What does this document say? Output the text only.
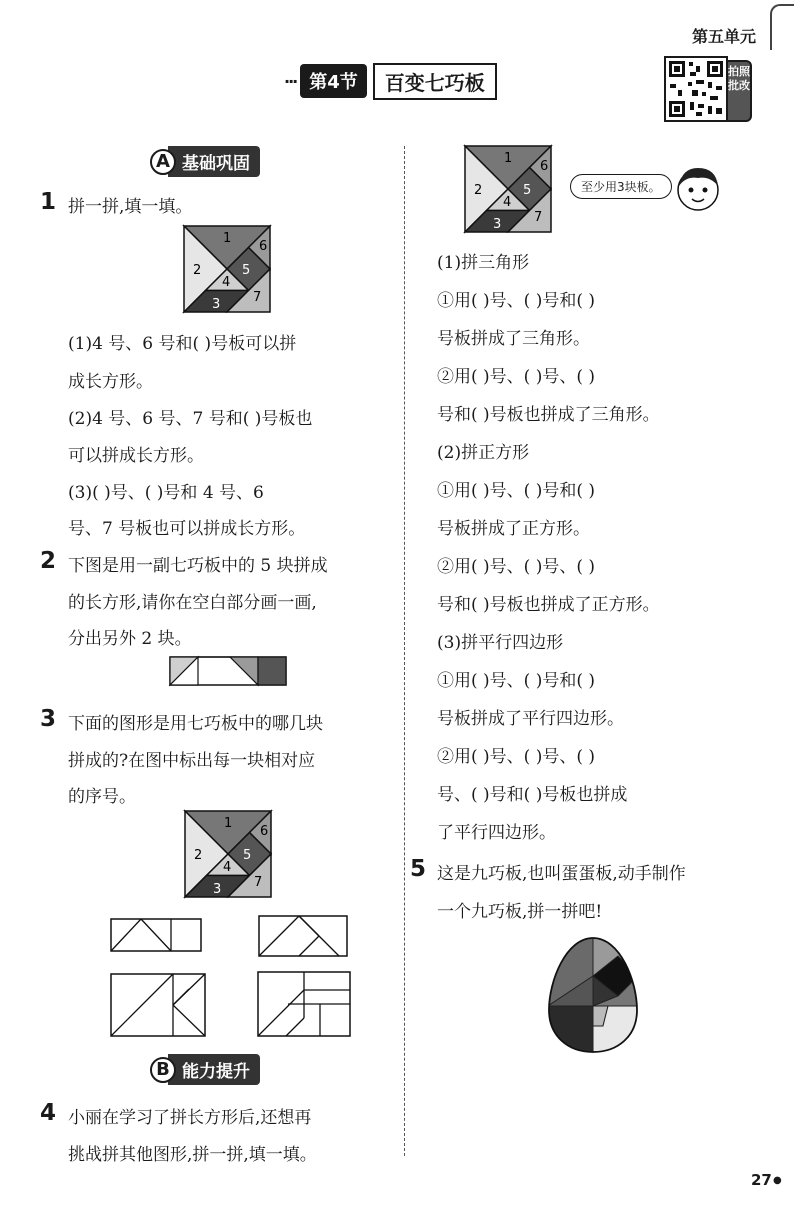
第五单元
··· 第4节	百变七巧板	拍照批改
A 基础巩固
1 拼一拼,填一填。
1
2
3
4
5
6
7
(1)4 号、6 号和( )号板可以拼
成长方形。
(2)4 号、6 号、7 号和( )号板也
可以拼成长方形。
(3)( )号、( )号和 4 号、6
号、7 号板也可以拼成长方形。
2 下图是用一副七巧板中的 5 块拼成
的长方形,请你在空白部分画一画,
分出另外 2 块。
3 下面的图形是用七巧板中的哪几块
拼成的?在图中标出每一块相对应
的序号。
1
2
3
4
5
6
7
B 能力提升
4 小丽在学习了拼长方形后,还想再
挑战拼其他图形,拼一拼,填一填。
1
2
3
4
5
6
7
至少用3块板。
(1)拼三角形
①用( )号、( )号和( )
号板拼成了三角形。
②用( )号、( )号、( )
号和( )号板也拼成了三角形。
(2)拼正方形
①用( )号、( )号和( )
号板拼成了正方形。
②用( )号、( )号、( )
号和( )号板也拼成了正方形。
(3)拼平行四边形
①用( )号、( )号和( )
号板拼成了平行四边形。
②用( )号、( )号、( )
号、( )号和( )号板也拼成
了平行四边形。
5 这是九巧板,也叫蛋蛋板,动手制作
一个九巧板,拼一拼吧!
27 ●
